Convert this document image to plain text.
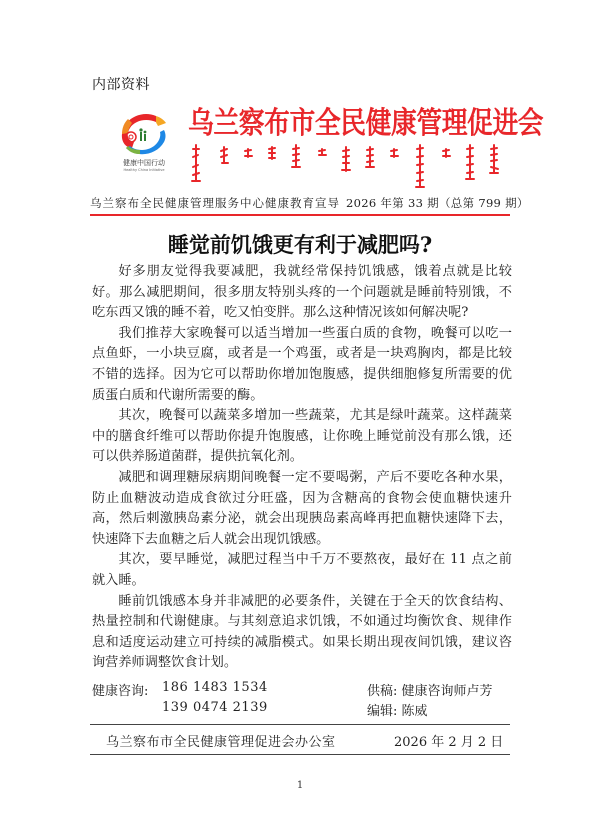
内部资料
健康中国行动
Healthy China Initiative
乌兰察布市全民健康管理促进会
乌兰察布全民健康管理服务中心健康教育宣导 2026 年第 33 期（总第 799 期）
睡觉前饥饿更有利于减肥吗?

好多朋友觉得我要减肥，我就经常保持饥饿感，饿着点就是比较好。那么减肥期间，很多朋友特别头疼的一个问题就是睡前特别饿，不吃东西又饿的睡不着，吃又怕变胖。那么这种情况该如何解决呢?

我们推荐大家晚餐可以适当增加一些蛋白质的食物，晚餐可以吃一点鱼虾，一小块豆腐，或者是一个鸡蛋，或者是一块鸡胸肉，都是比较不错的选择。因为它可以帮助你增加饱腹感，提供细胞修复所需要的优质蛋白质和代谢所需要的酶。

其次，晚餐可以蔬菜多增加一些蔬菜，尤其是绿叶蔬菜。这样蔬菜中的膳食纤维可以帮助你提升饱腹感，让你晚上睡觉前没有那么饿，还可以供养肠道菌群，提供抗氧化剂。

减肥和调理糖尿病期间晚餐一定不要喝粥，产后不要吃各种水果，防止血糖波动造成食欲过分旺盛，因为含糖高的食物会使血糖快速升高，然后刺激胰岛素分泌，就会出现胰岛素高峰再把血糖快速降下去，快速降下去血糖之后人就会出现饥饿感。

其次，要早睡觉，减肥过程当中千万不要熬夜，最好在 11 点之前就入睡。

睡前饥饿感本身并非减肥的必要条件，关键在于全天的饮食结构、热量控制和代谢健康。与其刻意追求饥饿，不如通过均衡饮食、规律作息和适度运动建立可持续的减脂模式。如果长期出现夜间饥饿，建议咨询营养师调整饮食计划。

健康咨询: 186 1483 1534
139 0474 2139
供稿: 健康咨询师卢芳
编辑: 陈威
乌兰察布市全民健康管理促进会办公室	2026 年 2 月 2 日
1
